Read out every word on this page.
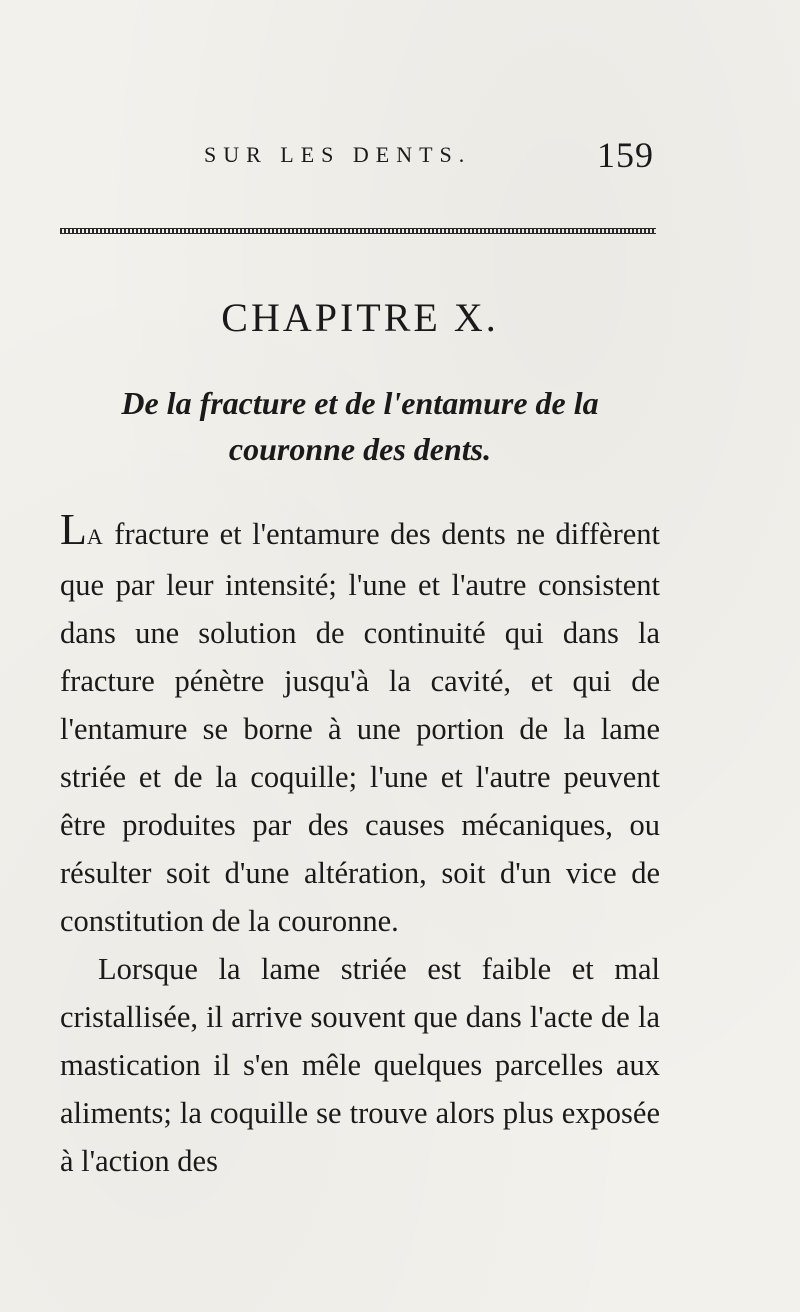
SUR LES DENTS.	159
CHAPITRE X.
De la fracture et de l'entamure de la couronne des dents.

LA fracture et l'entamure des dents ne diffèrent que par leur intensité; l'une et l'autre consistent dans une solution de continuité qui dans la fracture pénètre jusqu'à la cavité, et qui de l'entamure se borne à une portion de la lame striée et de la coquille; l'une et l'autre peuvent être produites par des causes mécaniques, ou résulter soit d'une altération, soit d'un vice de constitution de la couronne.

Lorsque la lame striée est faible et mal cristallisée, il arrive souvent que dans l'acte de la mastication il s'en mêle quelques parcelles aux aliments; la coquille se trouve alors plus exposée à l'action des
